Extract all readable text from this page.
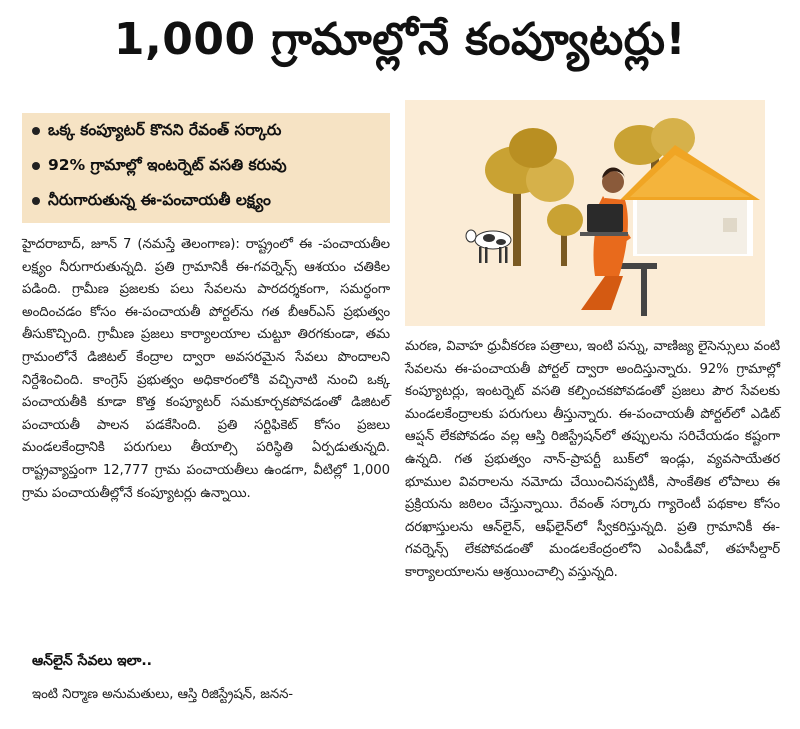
1,000 గ్రామాల్లోనే కంప్యూటర్లు!
ఒక్క కంప్యూటర్ కొనని రేవంత్ సర్కారు
92% గ్రామాల్లో ఇంటర్నెట్ వసతి కరువు
నీరుగారుతున్న ఈ-పంచాయతీ లక్ష్యం

హైదరాబాద్, జూన్ 7 (నమస్తే తెలంగాణ): రాష్ట్రంలో ఈ -పంచాయతీల లక్ష్యం నీరుగారుతున్నది. ప్రతి గ్రామానికీ ఈ-గవర్నెన్స్ ఆశయం చతికిల పడింది. గ్రామీణ ప్రజలకు పలు సేవలను పారదర్శకంగా, సమర్థంగా అందించడం కోసం ఈ-పంచాయతీ పోర్టల్‌ను గత బీఆర్ఎస్ ప్రభుత్వం తీసుకొచ్చింది. గ్రామీణ ప్రజలు కార్యాలయాల చుట్టూ తిరగకుండా, తమ గ్రామంలోనే డిజిటల్ కేంద్రాల ద్వారా అవసరమైన సేవలు పొందాలని నిర్దేశించింది. కాంగ్రెస్ ప్రభుత్వం అధికారంలోకి వచ్చినాటి నుంచి ఒక్క పంచాయతీకి కూడా కొత్త కంప్యూటర్ సమకూర్చకపోవడంతో డిజిటల్ పంచాయతీ పాలన పడకేసింది. ప్రతి సర్టిఫికెట్ కోసం ప్రజలు మండలకేంద్రానికి పరుగులు తీయాల్సి పరిస్థితి ఏర్పడుతున్నది. రాష్ట్రవ్యాప్తంగా 12,777 గ్రామ పంచాయతీలు ఉండగా, వీటిల్లో 1,000 గ్రామ పంచాయతీల్లోనే కంప్యూటర్లు ఉన్నాయి.

ఆన్‌లైన్ సేవలు ఇలా..
ఇంటి నిర్మాణ అనుమతులు, ఆస్తి రిజిస్ట్రేషన్, జనన-

మరణ, వివాహ ధ్రువీకరణ పత్రాలు, ఇంటి పన్ను, వాణిజ్య లైసెన్సులు వంటి సేవలను ఈ-పంచాయతీ పోర్టల్ ద్వారా అందిస్తున్నారు. 92% గ్రామాల్లో కంప్యూటర్లు, ఇంటర్నెట్ వసతి కల్పించకపోవడంతో ప్రజలు పౌర సేవలకు మండలకేంద్రాలకు పరుగులు తీస్తున్నారు. ఈ-పంచాయతీ పోర్టల్‌లో ఎడిట్ ఆప్షన్ లేకపోవడం వల్ల ఆస్తి రిజిస్ట్రేషన్‌లో తప్పులను సరిచేయడం కష్టంగా ఉన్నది. గత ప్రభుత్వం నాన్-ప్రాపర్టీ బుక్‌లో ఇండ్లు, వ్యవసాయేతర భూముల వివరాలను నమోదు చేయించినప్పటికీ, సాంకేతిక లోపాలు ఈ ప్రక్రియను జఠిలం చేస్తున్నాయి. రేవంత్ సర్కారు గ్యారెంటీ పథకాల కోసం దరఖాస్తులను ఆన్‌లైన్, ఆఫ్‌లైన్‌లో స్వీకరిస్తున్నది. ప్రతి గ్రామానికీ ఈ-గవర్నెన్స్ లేకపోవడంతో మండలకేంద్రంలోని ఎంపీడీవో, తహసీల్దార్ కార్యాలయాలను ఆశ్రయించాల్సి వస్తున్నది.
